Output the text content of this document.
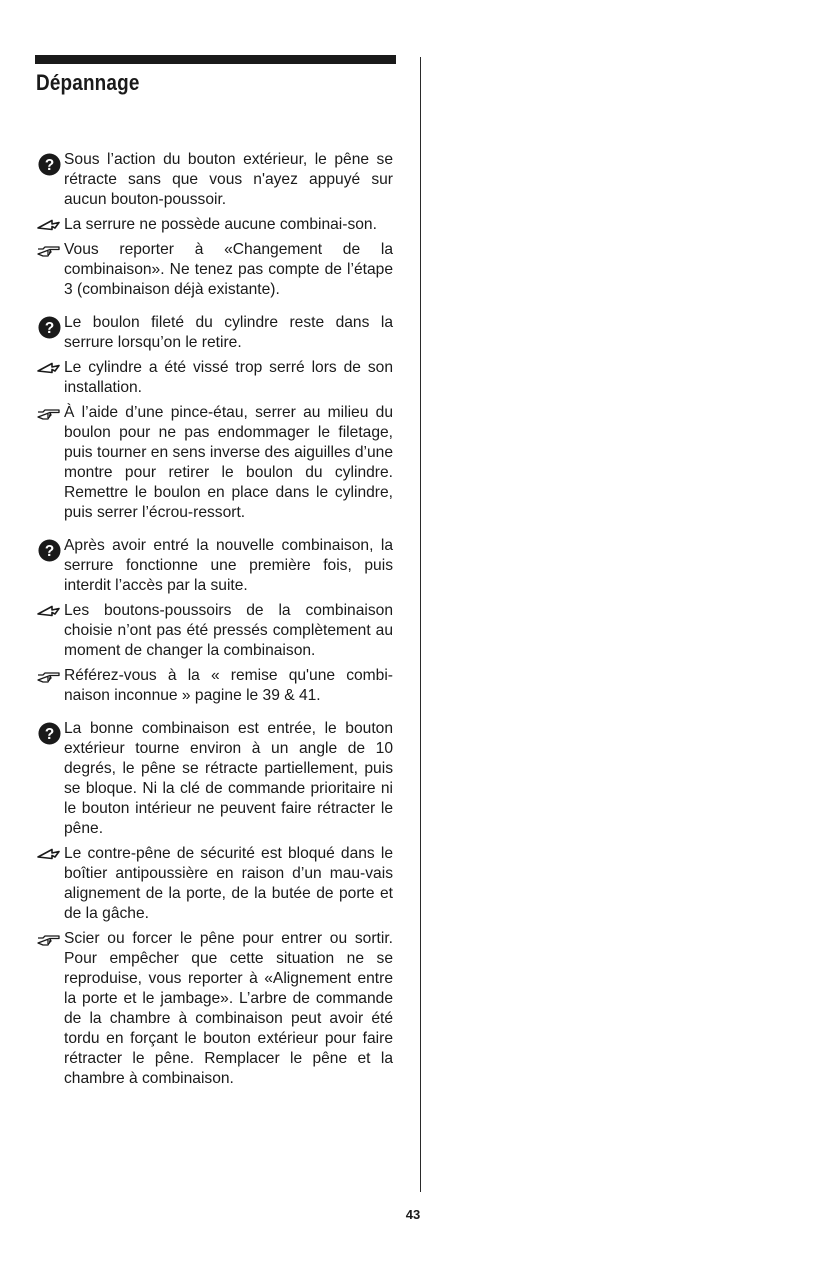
Dépannage
? Sous l’action du bouton extérieur, le pêne se rétracte sans que vous n'ayez appuyé sur aucun bouton-poussoir.
La serrure ne possède aucune combinai-son.
Vous reporter à «Changement de la combinaison». Ne tenez pas compte de l’étape 3 (combinaison déjà existante).
? Le boulon fileté du cylindre reste dans la serrure lorsqu’on le retire.
Le cylindre a été vissé trop serré lors de son installation.
À l’aide d’une pince-étau, serrer au milieu du boulon pour ne pas endommager le filetage, puis tourner en sens inverse des aiguilles d’une montre pour retirer le boulon du cylindre. Remettre le boulon en place dans le cylindre, puis serrer l’écrou-ressort.
? Après avoir entré la nouvelle combinaison, la serrure fonctionne une première fois, puis interdit l’accès par la suite.
Les boutons-poussoirs de la combinaison choisie n’ont pas été pressés complètement au moment de changer la combinaison.
Référez-vous à la « remise qu'une combi-naison inconnue » pagine le 39 & 41.
? La bonne combinaison est entrée, le bouton extérieur tourne environ à un angle de 10 degrés, le pêne se rétracte partiellement, puis se bloque. Ni la clé de commande prioritaire ni le bouton intérieur ne peuvent faire rétracter le pêne.
Le contre-pêne de sécurité est bloqué dans le boîtier antipoussière en raison d’un mau-vais alignement de la porte, de la butée de porte et de la gâche.
Scier ou forcer le pêne pour entrer ou sortir. Pour empêcher que cette situation ne se reproduise, vous reporter à «Alignement entre la porte et le jambage». L’arbre de commande de la chambre à combinaison peut avoir été tordu en forçant le bouton extérieur pour faire rétracter le pêne. Remplacer le pêne et la chambre à combinaison.
43
